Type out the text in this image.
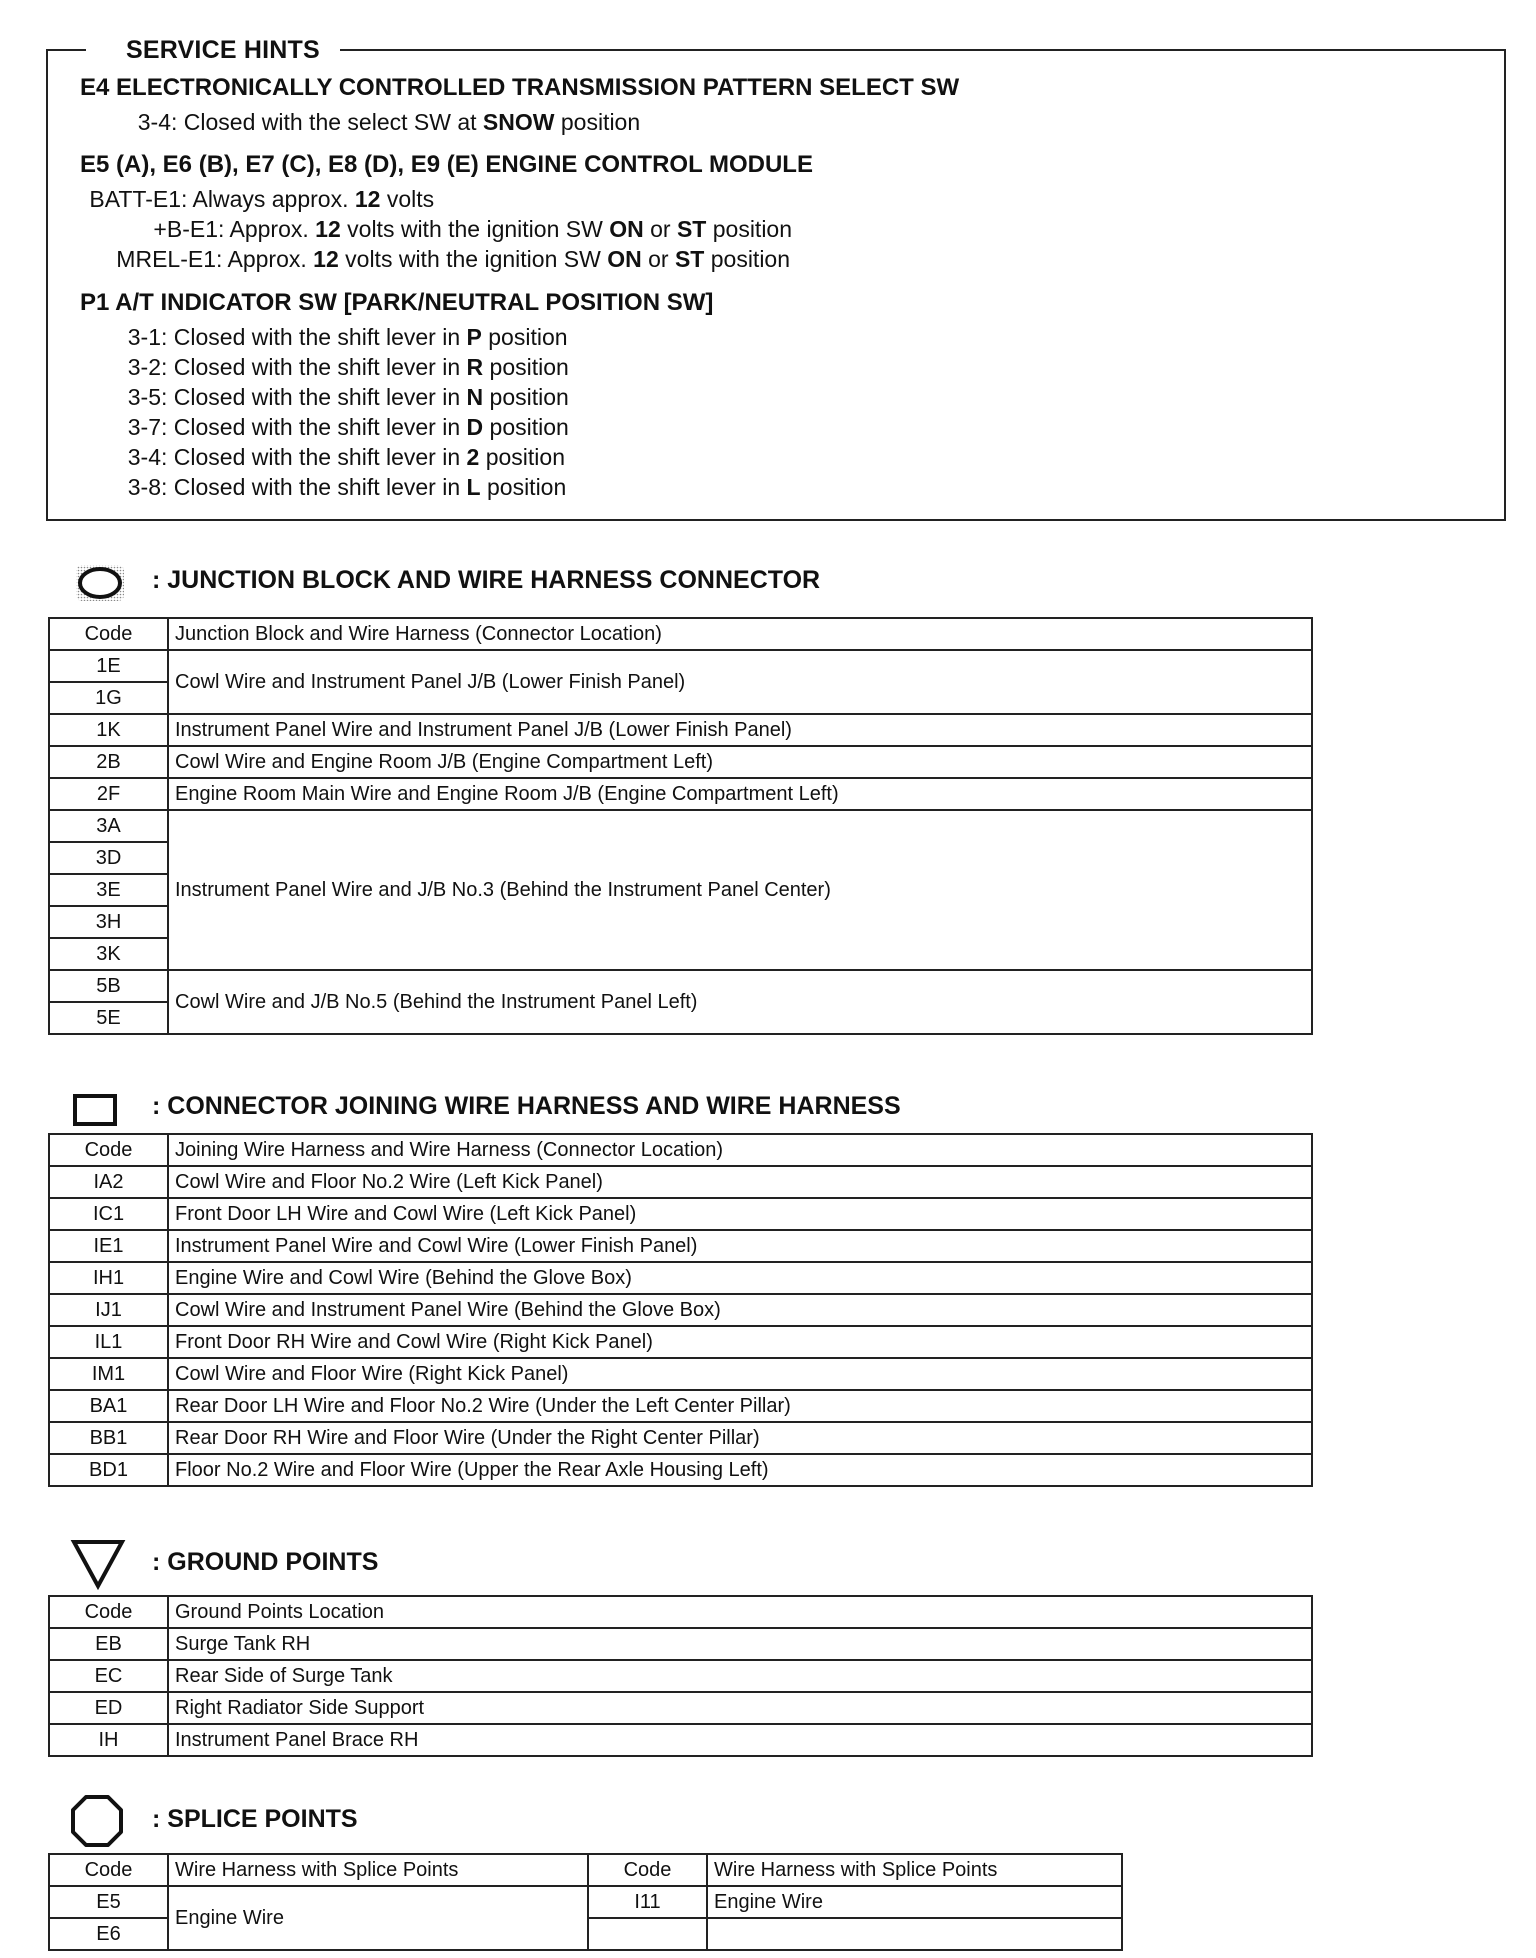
SERVICE HINTS
E4 ELECTRONICALLY CONTROLLED TRANSMISSION PATTERN SELECT SW
3-4 : Closed with the select SW at SNOW position
E5 (A), E6 (B), E7 (C), E8 (D), E9 (E) ENGINE CONTROL MODULE
BATT-E1 : Always approx. 12 volts
+B-E1 : Approx. 12 volts with the ignition SW ON or ST position
MREL-E1 : Approx. 12 volts with the ignition SW ON or ST position
P1 A/T INDICATOR SW [PARK/NEUTRAL POSITION SW]
3-1 : Closed with the shift lever in P position
3-2 : Closed with the shift lever in R position
3-5 : Closed with the shift lever in N position
3-7 : Closed with the shift lever in D position
3-4 : Closed with the shift lever in 2 position
3-8 : Closed with the shift lever in L position
: JUNCTION BLOCK AND WIRE HARNESS CONNECTOR
Code	Junction Block and Wire Harness (Connector Location)
1E	Cowl Wire and Instrument Panel J/B (Lower Finish Panel)
1G	
1K	Instrument Panel Wire and Instrument Panel J/B (Lower Finish Panel)
2B	Cowl Wire and Engine Room J/B (Engine Compartment Left)
2F	Engine Room Main Wire and Engine Room J/B (Engine Compartment Left)
3A	Instrument Panel Wire and J/B No.3 (Behind the Instrument Panel Center)
3D	
3E	
3H	
3K	
5B	Cowl Wire and J/B No.5 (Behind the Instrument Panel Left)
5E	
: CONNECTOR JOINING WIRE HARNESS AND WIRE HARNESS
Code	Joining Wire Harness and Wire Harness (Connector Location)
IA2	Cowl Wire and Floor No.2 Wire (Left Kick Panel)
IC1	Front Door LH Wire and Cowl Wire (Left Kick Panel)
IE1	Instrument Panel Wire and Cowl Wire (Lower Finish Panel)
IH1	Engine Wire and Cowl Wire (Behind the Glove Box)
IJ1	Cowl Wire and Instrument Panel Wire (Behind the Glove Box)
IL1	Front Door RH Wire and Cowl Wire (Right Kick Panel)
IM1	Cowl Wire and Floor Wire (Right Kick Panel)
BA1	Rear Door LH Wire and Floor No.2 Wire (Under the Left Center Pillar)
BB1	Rear Door RH Wire and Floor Wire (Under the Right Center Pillar)
BD1	Floor No.2 Wire and Floor Wire (Upper the Rear Axle Housing Left)
: GROUND POINTS
Code	Ground Points Location
EB	Surge Tank RH
EC	Rear Side of Surge Tank
ED	Right Radiator Side Support
IH	Instrument Panel Brace RH
: SPLICE POINTS
Code	Wire Harness with Splice Points	Code	Wire Harness with Splice Points
E5	Engine Wire	I11	Engine Wire
E6			
